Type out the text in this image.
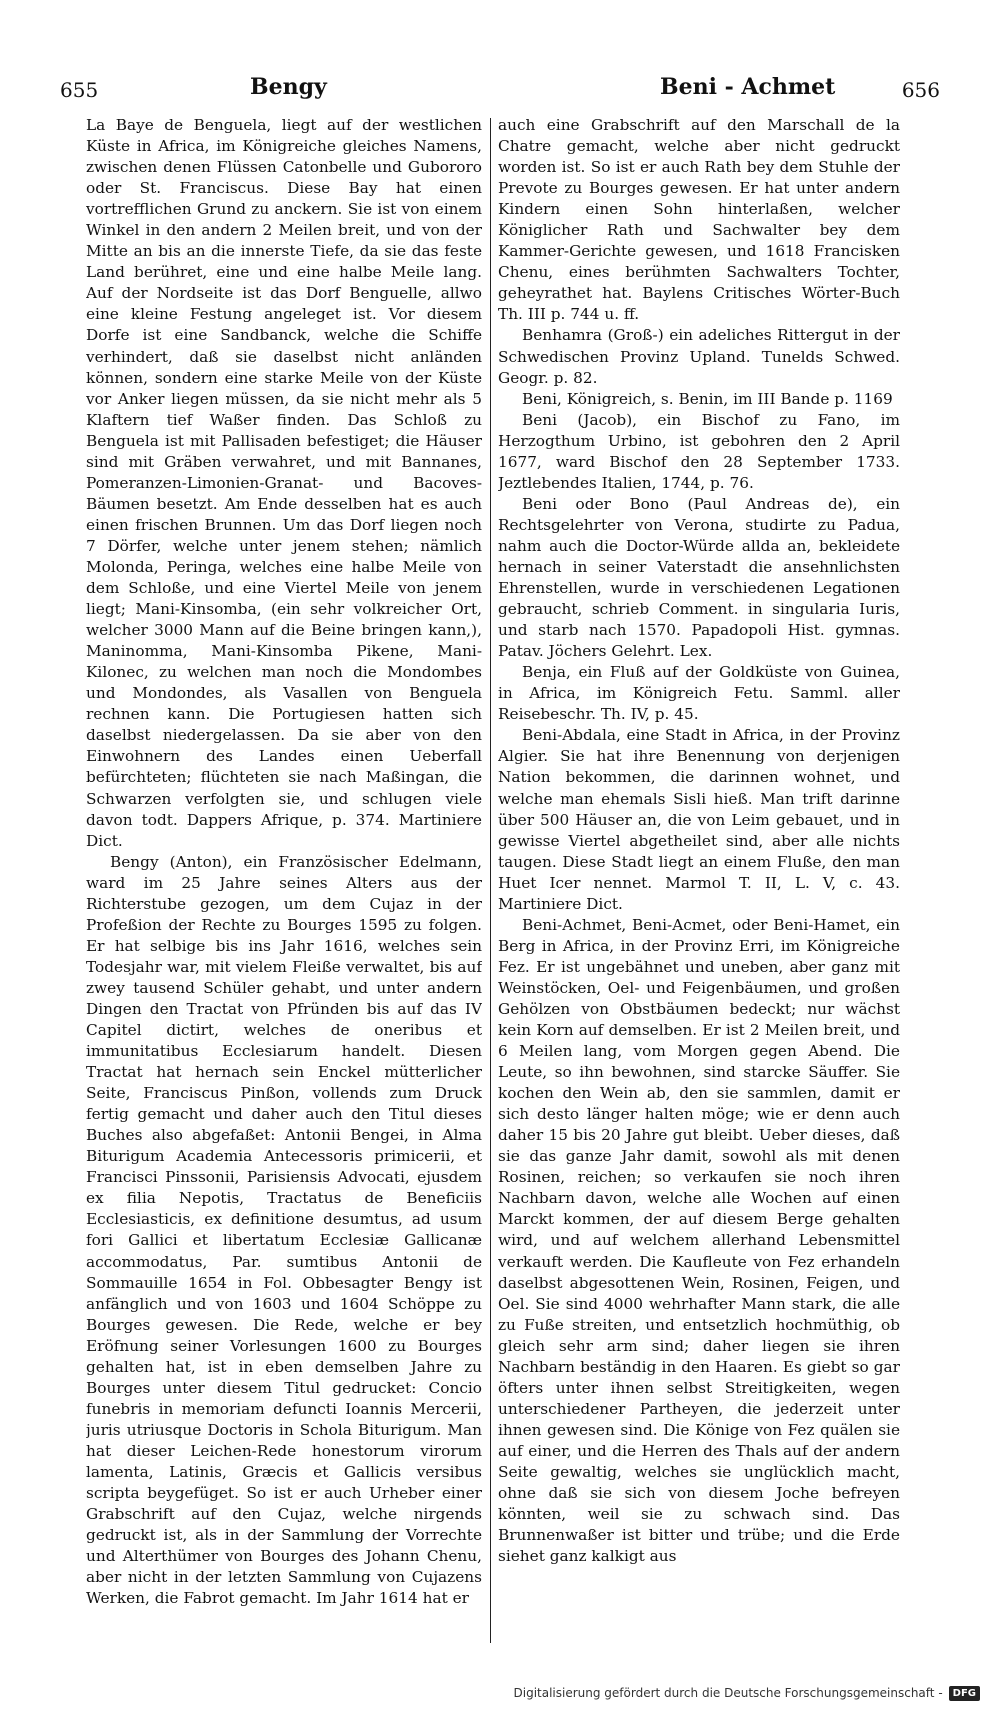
655	Bengy	Beni - Achmet	656

La Baye de Benguela, liegt auf der westlichen Küste in Africa, im Königreiche gleiches Namens, zwischen denen Flüssen Catonbelle und Gubororo oder St. Franciscus. Diese Bay hat einen vortrefflichen Grund zu anckern. Sie ist von einem Winkel in den andern 2 Meilen breit, und von der Mitte an bis an die innerste Tiefe, da sie das feste Land berühret, eine und eine halbe Meile lang. Auf der Nordseite ist das Dorf Benguelle, allwo eine kleine Festung angeleget ist. Vor diesem Dorfe ist eine Sandbanck, welche die Schiffe verhindert, daß sie daselbst nicht anländen können, sondern eine starke Meile von der Küste vor Anker liegen müssen, da sie nicht mehr als 5 Klaftern tief Waßer finden. Das Schloß zu Benguela ist mit Pallisaden befestiget; die Häuser sind mit Gräben verwahret, und mit Bannanes, Pomeranzen-Limonien-Granat- und Bacoves-Bäumen besetzt. Am Ende desselben hat es auch einen frischen Brunnen. Um das Dorf liegen noch 7 Dörfer, welche unter jenem stehen; nämlich Molonda, Peringa, welches eine halbe Meile von dem Schloße, und eine Viertel Meile von jenem liegt; Mani-Kinsomba, (ein sehr volkreicher Ort, welcher 3000 Mann auf die Beine bringen kann,), Maninomma, Mani-Kinsomba Pikene, Mani-Kilonec, zu welchen man noch die Mondombes und Mondondes, als Vasallen von Benguela rechnen kann. Die Portugiesen hatten sich daselbst niedergelassen. Da sie aber von den Einwohnern des Landes einen Ueberfall befürchteten; flüchteten sie nach Maßingan, die Schwarzen verfolgten sie, und schlugen viele davon todt. Dappers Afrique, p. 374. Martiniere Dict.

Bengy (Anton), ein Französischer Edelmann, ward im 25 Jahre seines Alters aus der Richterstube gezogen, um dem Cujaz in der Profeßion der Rechte zu Bourges 1595 zu folgen. Er hat selbige bis ins Jahr 1616, welches sein Todesjahr war, mit vielem Fleiße verwaltet, bis auf zwey tausend Schüler gehabt, und unter andern Dingen den Tractat von Pfründen bis auf das IV Capitel dictirt, welches de oneribus et immunitatibus Ecclesiarum handelt. Diesen Tractat hat hernach sein Enckel mütterlicher Seite, Franciscus Pinßon, vollends zum Druck fertig gemacht und daher auch den Titul dieses Buches also abgefaßet: Antonii Bengei, in Alma Biturigum Academia Antecessoris primicerii, et Francisci Pinssonii, Parisiensis Advocati, ejusdem ex filia Nepotis, Tractatus de Beneficiis Ecclesiasticis, ex definitione desumtus, ad usum fori Gallici et libertatum Ecclesiæ Gallicanæ accommodatus, Par. sumtibus Antonii de Sommauille 1654 in Fol. Obbesagter Bengy ist anfänglich und von 1603 und 1604 Schöppe zu Bourges gewesen. Die Rede, welche er bey Eröfnung seiner Vorlesungen 1600 zu Bourges gehalten hat, ist in eben demselben Jahre zu Bourges unter diesem Titul gedrucket: Concio funebris in memoriam defuncti Ioannis Mercerii, juris utriusque Doctoris in Schola Biturigum. Man hat dieser Leichen-Rede honestorum virorum lamenta, Latinis, Græcis et Gallicis versibus scripta beygefüget. So ist er auch Urheber einer Grabschrift auf den Cujaz, welche nirgends gedruckt ist, als in der Sammlung der Vorrechte und Alterthümer von Bourges des Johann Chenu, aber nicht in der letzten Sammlung von Cujazens Werken, die Fabrot gemacht. Im Jahr 1614 hat er

auch eine Grabschrift auf den Marschall de la Chatre gemacht, welche aber nicht gedruckt worden ist. So ist er auch Rath bey dem Stuhle der Prevote zu Bourges gewesen. Er hat unter andern Kindern einen Sohn hinterlaßen, welcher Königlicher Rath und Sachwalter bey dem Kammer-Gerichte gewesen, und 1618 Francisken Chenu, eines berühmten Sachwalters Tochter, geheyrathet hat. Baylens Critisches Wörter-Buch Th. III p. 744 u. ff.

Benhamra (Groß-) ein adeliches Rittergut in der Schwedischen Provinz Upland. Tunelds Schwed. Geogr. p. 82.

Beni, Königreich, s. Benin, im III Bande p. 1169

Beni (Jacob), ein Bischof zu Fano, im Herzogthum Urbino, ist gebohren den 2 April 1677, ward Bischof den 28 September 1733. Jeztlebendes Italien, 1744, p. 76.

Beni oder Bono (Paul Andreas de), ein Rechtsgelehrter von Verona, studirte zu Padua, nahm auch die Doctor-Würde allda an, bekleidete hernach in seiner Vaterstadt die ansehnlichsten Ehrenstellen, wurde in verschiedenen Legationen gebraucht, schrieb Comment. in singularia Iuris, und starb nach 1570. Papadopoli Hist. gymnas. Patav. Jöchers Gelehrt. Lex.

Benja, ein Fluß auf der Goldküste von Guinea, in Africa, im Königreich Fetu. Samml. aller Reisebeschr. Th. IV, p. 45.

Beni-Abdala, eine Stadt in Africa, in der Provinz Algier. Sie hat ihre Benennung von derjenigen Nation bekommen, die darinnen wohnet, und welche man ehemals Sisli hieß. Man trift darinne über 500 Häuser an, die von Leim gebauet, und in gewisse Viertel abgetheilet sind, aber alle nichts taugen. Diese Stadt liegt an einem Fluße, den man Huet Icer nennet. Marmol T. II, L. V, c. 43. Martiniere Dict.

Beni-Achmet, Beni-Acmet, oder Beni-Hamet, ein Berg in Africa, in der Provinz Erri, im Königreiche Fez. Er ist ungebähnet und uneben, aber ganz mit Weinstöcken, Oel- und Feigenbäumen, und großen Gehölzen von Obstbäumen bedeckt; nur wächst kein Korn auf demselben. Er ist 2 Meilen breit, und 6 Meilen lang, vom Morgen gegen Abend. Die Leute, so ihn bewohnen, sind starcke Säuffer. Sie kochen den Wein ab, den sie sammlen, damit er sich desto länger halten möge; wie er denn auch daher 15 bis 20 Jahre gut bleibt. Ueber dieses, daß sie das ganze Jahr damit, sowohl als mit denen Rosinen, reichen; so verkaufen sie noch ihren Nachbarn davon, welche alle Wochen auf einen Marckt kommen, der auf diesem Berge gehalten wird, und auf welchem allerhand Lebensmittel verkauft werden. Die Kaufleute von Fez erhandeln daselbst abgesottenen Wein, Rosinen, Feigen, und Oel. Sie sind 4000 wehrhafter Mann stark, die alle zu Fuße streiten, und entsetzlich hochmüthig, ob gleich sehr arm sind; daher liegen sie ihren Nachbarn beständig in den Haaren. Es giebt so gar öfters unter ihnen selbst Streitigkeiten, wegen unterschiedener Partheyen, die jederzeit unter ihnen gewesen sind. Die Könige von Fez quälen sie auf einer, und die Herren des Thals auf der andern Seite gewaltig, welches sie unglücklich macht, ohne daß sie sich von diesem Joche befreyen könnten, weil sie zu schwach sind. Das Brunnenwaßer ist bitter und trübe; und die Erde siehet ganz kalkigt aus

Digitalisierung gefördert durch die Deutsche Forschungsgemeinschaft -	DFG
